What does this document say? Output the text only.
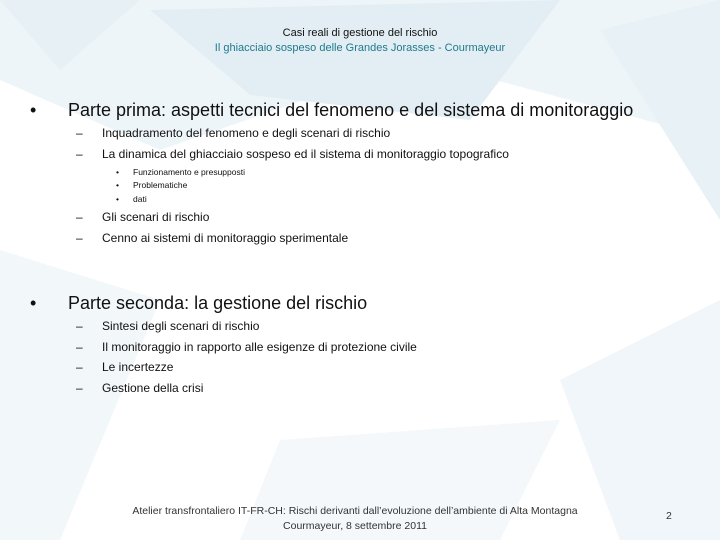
Casi reali di gestione del rischio
Il ghiacciaio sospeso delle Grandes Jorasses - Courmayeur
• Parte prima: aspetti tecnici del fenomeno e del sistema di monitoraggio
– Inquadramento del fenomeno e degli scenari di rischio
– La dinamica del ghiacciaio sospeso ed il sistema di monitoraggio topografico
• Funzionamento e presupposti
• Problematiche
• dati
– Gli scenari di rischio
– Cenno ai sistemi di monitoraggio sperimentale
• Parte seconda: la gestione del rischio
– Sintesi degli scenari di rischio
– Il monitoraggio in rapporto alle esigenze di protezione civile
– Le incertezze
– Gestione della crisi
Atelier transfrontaliero IT-FR-CH: Rischi derivanti dall’evoluzione dell’ambiente di Alta Montagna
Courmayeur, 8 settembre 2011
2
